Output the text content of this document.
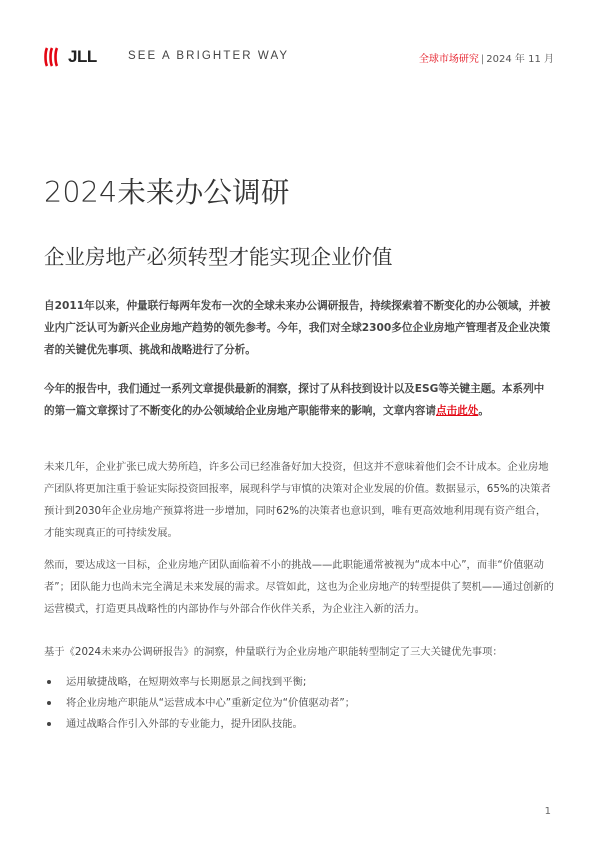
JLL	SEE A BRIGHTER WAY	全球市场研究 | 2024 年 11 月
2024未来办公调研
企业房地产必须转型才能实现企业价值

自2011年以来，仲量联行每两年发布一次的全球未来办公调研报告，持续探索着不断变化的办公领域，并被业内广泛认可为新兴企业房地产趋势的领先参考。今年，我们对全球2300多位企业房地产管理者及企业决策者的关键优先事项、挑战和战略进行了分析。

今年的报告中，我们通过一系列文章提供最新的洞察，探讨了从科技到设计以及ESG等关键主题。本系列中的第一篇文章探讨了不断变化的办公领域给企业房地产职能带来的影响，文章内容请点击此处。

未来几年，企业扩张已成大势所趋，许多公司已经准备好加大投资，但这并不意味着他们会不计成本。企业房地产团队将更加注重于验证实际投资回报率，展现科学与审慎的决策对企业发展的价值。数据显示，65%的决策者预计到2030年企业房地产预算将进一步增加，同时62%的决策者也意识到，唯有更高效地利用现有资产组合，才能实现真正的可持续发展。

然而，要达成这一目标，企业房地产团队面临着不小的挑战——此职能通常被视为“成本中心”，而非“价值驱动者”；团队能力也尚未完全满足未来发展的需求。尽管如此，这也为企业房地产的转型提供了契机——通过创新的运营模式，打造更具战略性的内部协作与外部合作伙伴关系，为企业注入新的活力。

基于《2024未来办公调研报告》的洞察，仲量联行为企业房地产职能转型制定了三大关键优先事项：

运用敏捷战略，在短期效率与长期愿景之间找到平衡;
将企业房地产职能从“运营成本中心”重新定位为“价值驱动者”；
通过战略合作引入外部的专业能力，提升团队技能。
1
